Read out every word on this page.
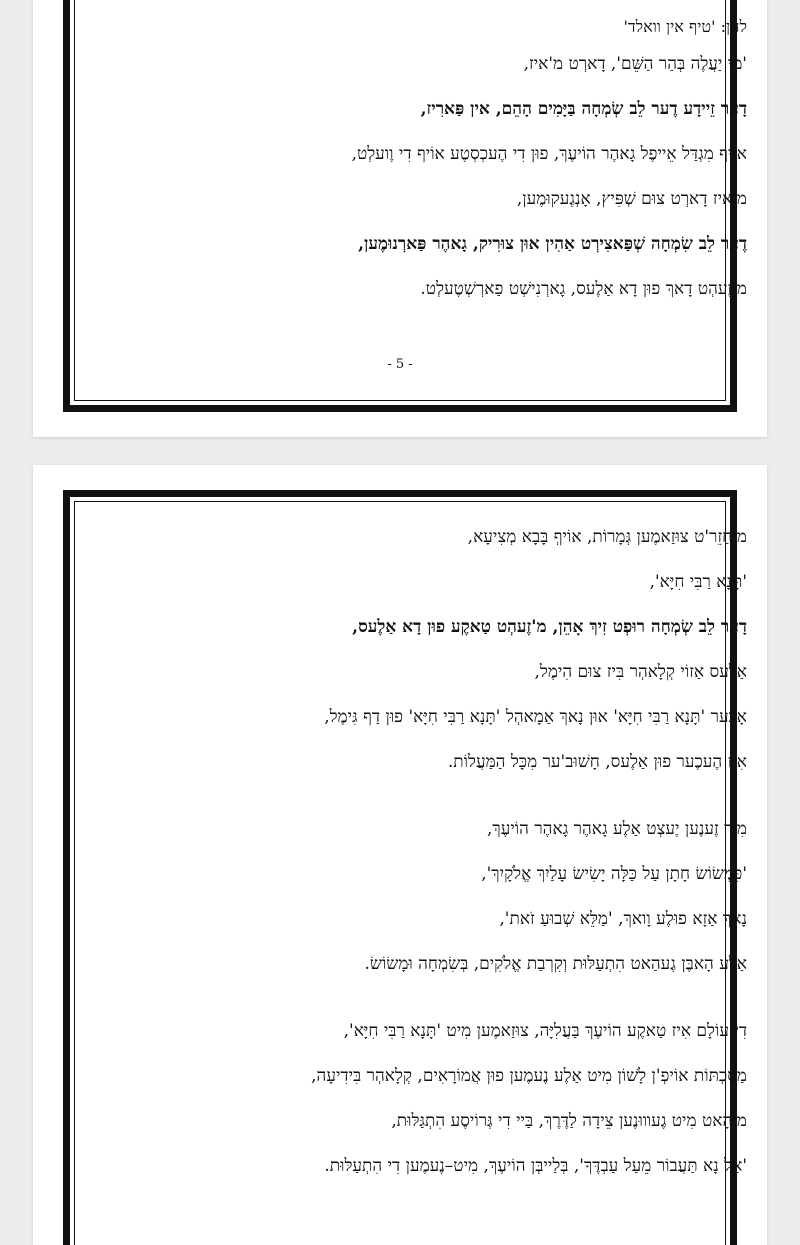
לחן: 'טיף אין וואלד'
'מי יַעֲלֶה בְּהַר הַשֵּׁם', דָארְט מ'איז,
דָער זֵיידָע דֶער לֵב שְׂמְחָה בַּיָּמִים הָהֵם, אין פַּארִיז,
אוֹיף מִגְדַּל אֵייפֶל גָאהֶר הוֹיעֶךְ, פוּן דִי הֶעכְסְטֶע אוֹיף דִי וֶועלְט,
מ'איז דָארְט צוּם שְׁפִּיץ, אָנְגֶעקוּמֶען,
דֶער לֵב שִׂמְחָה שְׁפַּאצִירְט אַהִין אוּן צוּרִיק, גָאהֶר פַּארְנוּמֶען,
מ'זֶעהְט דָאךְ פוּן דָא אַלֶעס, גָארְנִישְׁט פַארְשְׁטֶעלְט.
- 5 -
מ'חַזֵר'ט צוּזַאמֶען גְּמָרוֹת, אוֹיףְ בָּבָא מְצִיעָא,
'תָּנָא רַבִּי חִיָּא',
דָער לֵב שְׂמְחָה רוּפְט זִיךְ אָהֵן, מ'זֶעהְט טַאקֶע פוּן דָא אַלֶעס,
אַלֶעס אַזוֹי קְלָאהְר בִּיז צוּם הִימֶל,
אָבֶּער 'תָּנָא רַבִּי חִיָּא' אוּן נָאךְ אַמָאהְל 'תָּנָא רַבִּי חִיָּא' פוּן דַף גִּימֶל,
אִיז הֶעכֶער פוּן אַלֶעס, חָשׁוּב'ער מִכָּל הַמַּעֲלוֹת.
מִיר זֶענֶען יֶעצְט אַלֶע גָאהֶר גָאהֶר הוֹיעֶךְ,
'כִּמְשׂוֹשׂ חָתָן עַל כַּלָּה יָשִׂישׂ עָלַיִךְ אֱלֹקָיִךְ',
נָאךְ אַזָא פוּלֶע וָואךְ, 'מַלֵּא שְׁבוּעַ זֹאת',
אַלֶע הָאבֶּן גֶעהַאט הִתְעַלּוּת וְקִרְבַת אֱלֹקִים, בְּשִׂמְחָה וּמָשׂוֹשׂ.
דִי עוֹלָם אִיז טַאקֶע הוֹיעֶךְ בַּעֲלִיָּה, צוּזַאמֶען מִיט 'תָּנָא רַבִּי חִיָּא',
מַסֶכְתּוֹת אוֹיפְ'ן לָשׁוֹן מִיט אַלֶע נֶעמֶען פוּן אֲמוֹרָאִים, קְלָאהְר בִּידִיעָה,
מ'הָאט מִיט גֶעװוּנֶען צֵידָה לַדֶּרֶךְ, בַּיי דִי גְּרוֹיסֶע הִתְגַּלּוּת,
'אַל נָא תַּעֲבוֹר מֵעַל עַבְדֶּךָ', בְּלַייבְּן הוֹיעֶךְ, מִיט–נֶעמֶען דִי הִתְעַלּוּת.
